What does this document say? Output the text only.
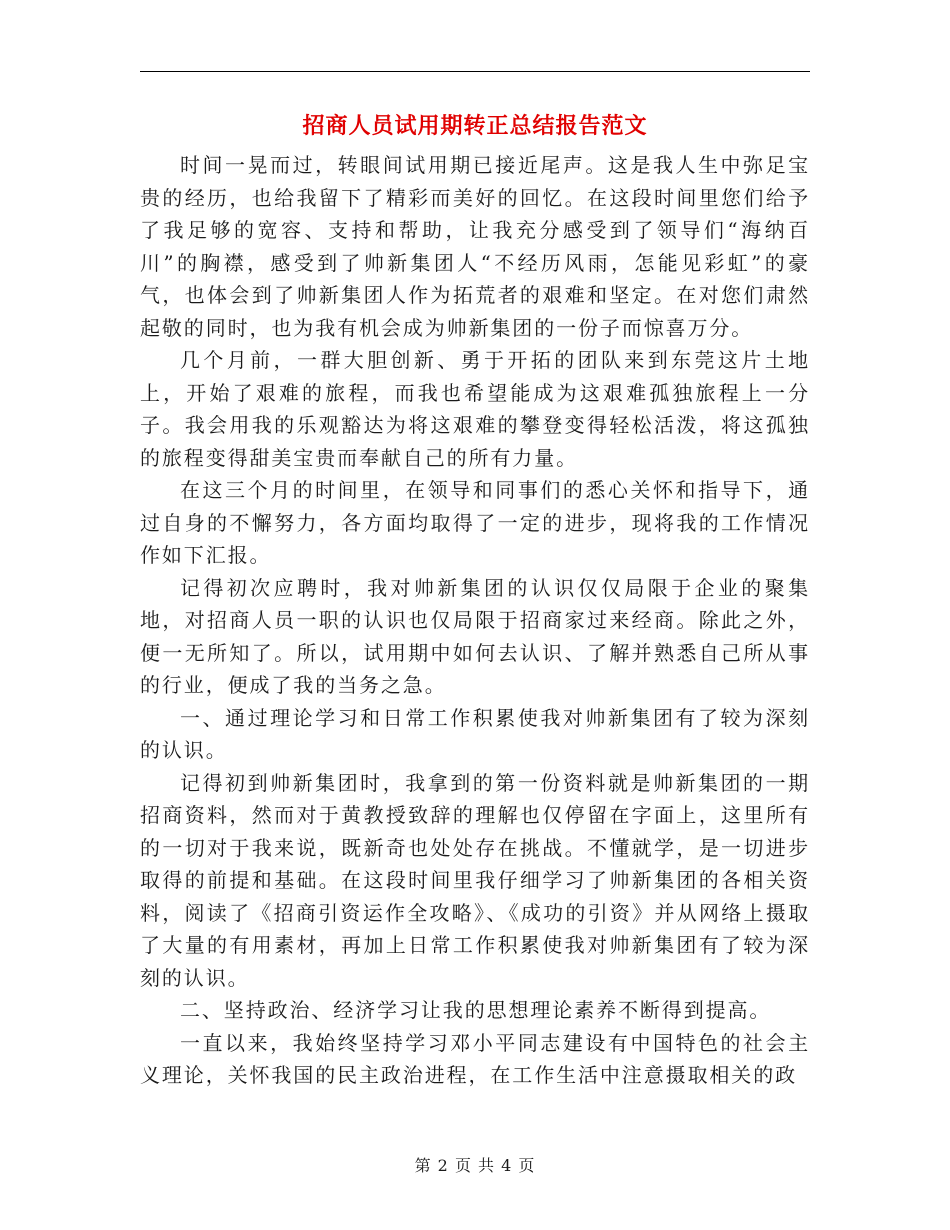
招商人员试用期转正总结报告范文

时间一晃而过，转眼间试用期已接近尾声。这是我人生中弥足宝贵的经历，也给我留下了精彩而美好的回忆。在这段时间里您们给予了我足够的宽容、支持和帮助，让我充分感受到了领导们“海纳百川”的胸襟，感受到了帅新集团人“不经历风雨，怎能见彩虹”的豪气，也体会到了帅新集团人作为拓荒者的艰难和坚定。在对您们肃然起敬的同时，也为我有机会成为帅新集团的一份子而惊喜万分。

几个月前，一群大胆创新、勇于开拓的团队来到东莞这片土地上，开始了艰难的旅程，而我也希望能成为这艰难孤独旅程上一分子。我会用我的乐观豁达为将这艰难的攀登变得轻松活泼，将这孤独的旅程变得甜美宝贵而奉献自己的所有力量。

在这三个月的时间里，在领导和同事们的悉心关怀和指导下，通过自身的不懈努力，各方面均取得了一定的进步，现将我的工作情况作如下汇报。

记得初次应聘时，我对帅新集团的认识仅仅局限于企业的聚集地，对招商人员一职的认识也仅局限于招商家过来经商。除此之外，便一无所知了。所以，试用期中如何去认识、了解并熟悉自己所从事的行业，便成了我的当务之急。

一、通过理论学习和日常工作积累使我对帅新集团有了较为深刻的认识。

记得初到帅新集团时，我拿到的第一份资料就是帅新集团的一期招商资料，然而对于黄教授致辞的理解也仅停留在字面上，这里所有的一切对于我来说，既新奇也处处存在挑战。不懂就学，是一切进步取得的前提和基础。在这段时间里我仔细学习了帅新集团的各相关资料，阅读了《招商引资运作全攻略》、《成功的引资》并从网络上摄取了大量的有用素材，再加上日常工作积累使我对帅新集团有了较为深刻的认识。

二、坚持政治、经济学习让我的思想理论素养不断得到提高。

一直以来，我始终坚持学习邓小平同志建设有中国特色的社会主义理论，关怀我国的民主政治进程，在工作生活中注意摄取相关的政

第 2 页 共 4 页
